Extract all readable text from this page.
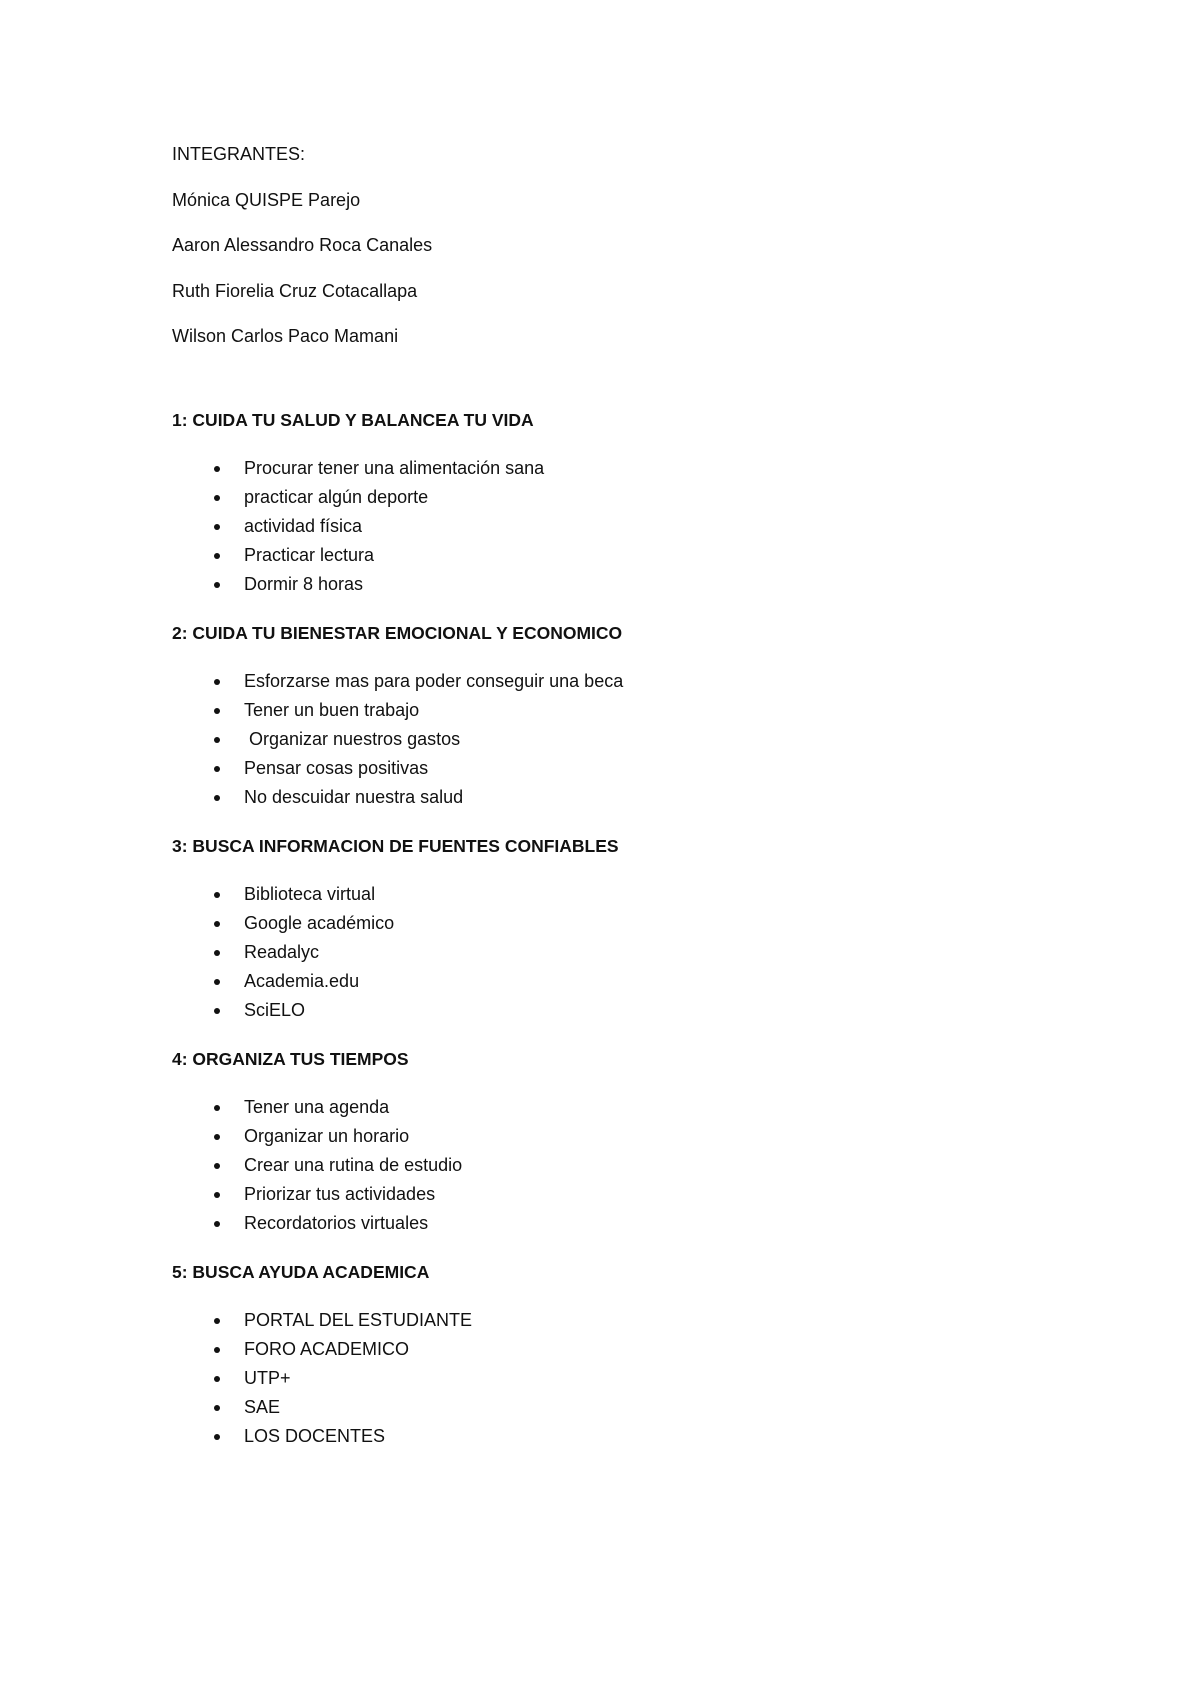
INTEGRANTES:
Mónica QUISPE Parejo
Aaron Alessandro Roca Canales
Ruth Fiorelia Cruz Cotacallapa
Wilson Carlos Paco Mamani
1: CUIDA TU SALUD Y BALANCEA TU VIDA
Procurar tener una alimentación sana
practicar algún deporte
actividad física
Practicar lectura
Dormir 8 horas
2: CUIDA TU BIENESTAR EMOCIONAL Y ECONOMICO
Esforzarse mas para poder conseguir una beca
Tener un buen trabajo
Organizar nuestros gastos
Pensar cosas positivas
No descuidar nuestra salud
3: BUSCA INFORMACION DE FUENTES CONFIABLES
Biblioteca virtual
Google académico
Readalyc
Academia.edu
SciELO
4: ORGANIZA TUS TIEMPOS
Tener una agenda
Organizar un horario
Crear una rutina de estudio
Priorizar tus actividades
Recordatorios virtuales
5: BUSCA AYUDA ACADEMICA
PORTAL DEL ESTUDIANTE
FORO ACADEMICO
UTP+
SAE
LOS DOCENTES
